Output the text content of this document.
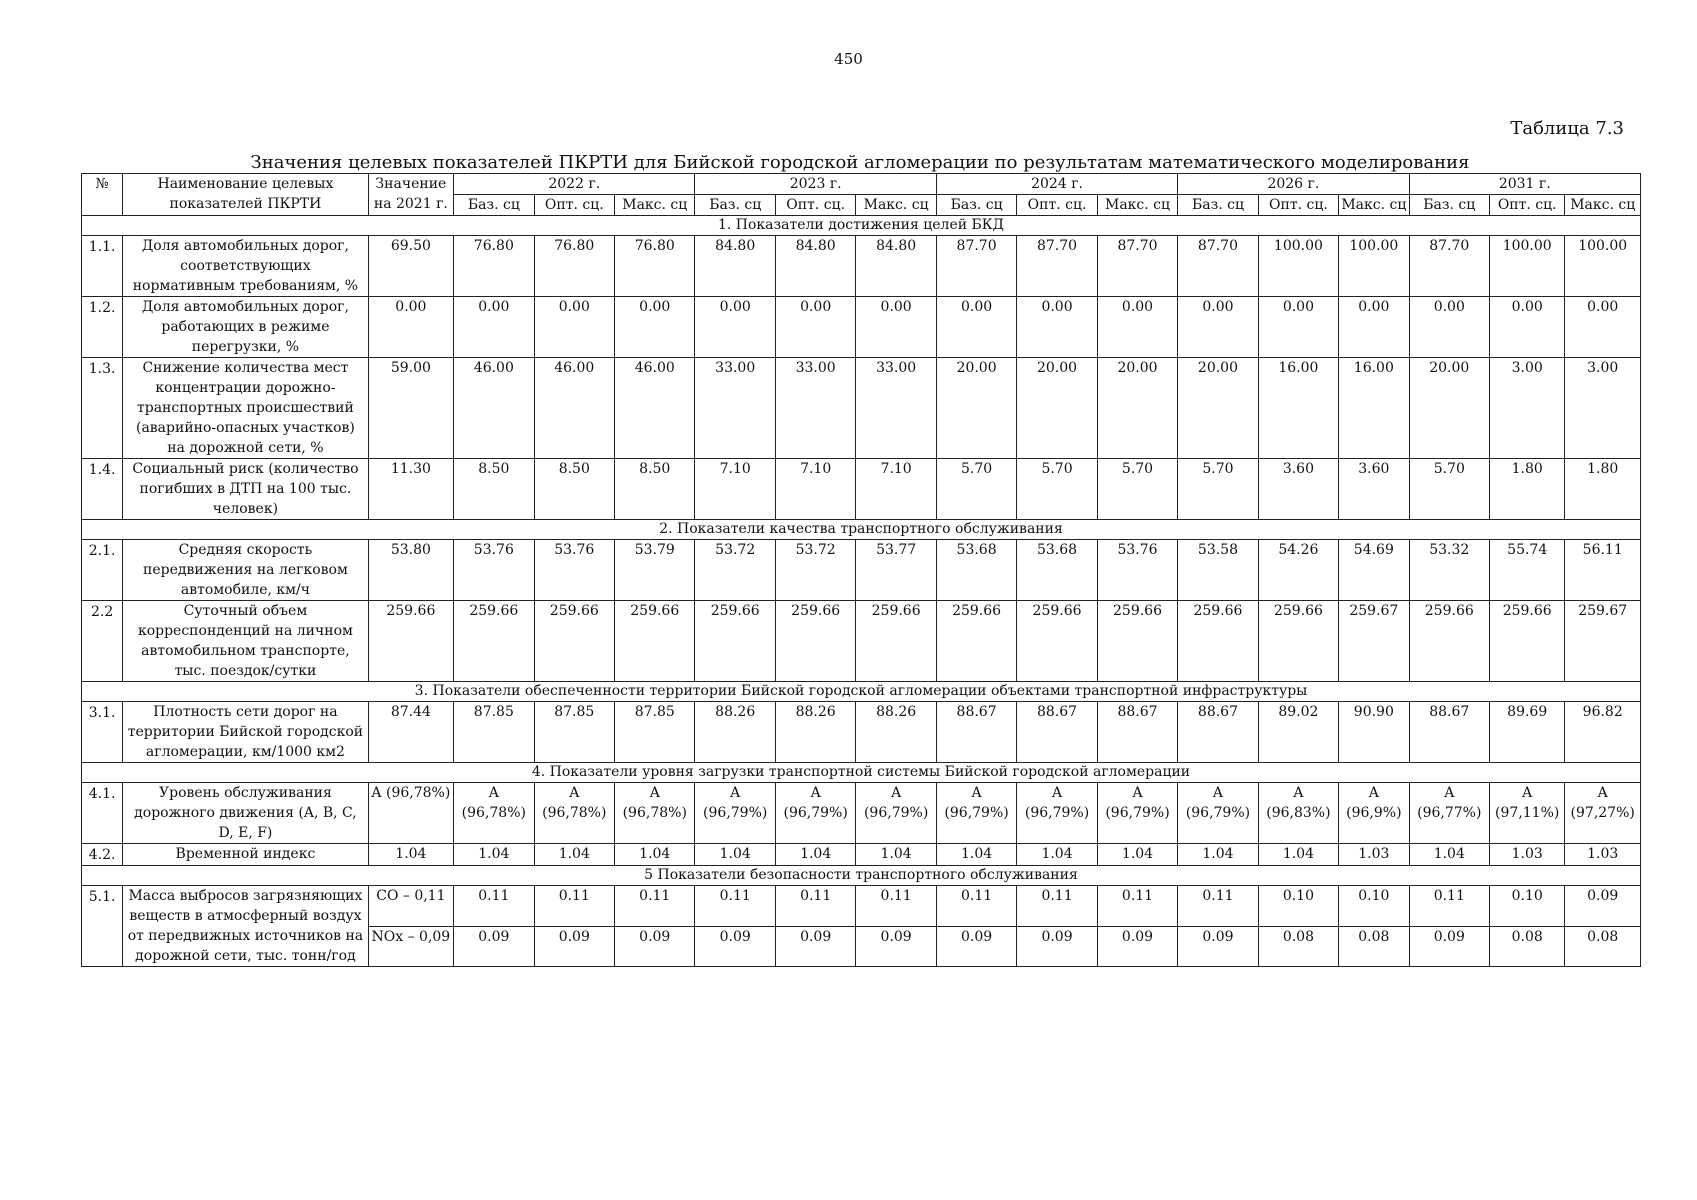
450
Таблица 7.3
Значения целевых показателей ПКРТИ для Бийской городской агломерации по результатам математического моделирования
№	Наименование целевых показателей ПКРТИ	Значение на 2021 г.	2022 г.			2023 г.			2024 г.			2026 г.			2031 г.		
			Баз. сц	Опт. сц.	Макс. сц	Баз. сц	Опт. сц.	Макс. сц	Баз. сц	Опт. сц.	Макс. сц	Баз. сц	Опт. сц.	Макс. сц	Баз. сц	Опт. сц.	Макс. сц
1. Показатели достижения целей БКД																	
1.1.	Доля автомобильных дорог, соответствующих нормативным требованиям, %	69.50	76.80	76.80	76.80	84.80	84.80	84.80	87.70	87.70	87.70	87.70	100.00	100.00	87.70	100.00	100.00
1.2.	Доля автомобильных дорог, работающих в режиме перегрузки, %	0.00	0.00	0.00	0.00	0.00	0.00	0.00	0.00	0.00	0.00	0.00	0.00	0.00	0.00	0.00	0.00
1.3.	Снижение количества мест концентрации дорожно-транспортных происшествий (аварийно-опасных участков) на дорожной сети, %	59.00	46.00	46.00	46.00	33.00	33.00	33.00	20.00	20.00	20.00	20.00	16.00	16.00	20.00	3.00	3.00
1.4.	Социальный риск (количество погибших в ДТП на 100 тыс. человек)	11.30	8.50	8.50	8.50	7.10	7.10	7.10	5.70	5.70	5.70	5.70	3.60	3.60	5.70	1.80	1.80
2. Показатели качества транспортного обслуживания																	
2.1.	Средняя скорость передвижения на легковом автомобиле, км/ч	53.80	53.76	53.76	53.79	53.72	53.72	53.77	53.68	53.68	53.76	53.58	54.26	54.69	53.32	55.74	56.11
2.2	Суточный объем корреспонденций на личном автомобильном транспорте, тыс. поездок/сутки	259.66	259.66	259.66	259.66	259.66	259.66	259.66	259.66	259.66	259.66	259.66	259.66	259.67	259.66	259.66	259.67
3. Показатели обеспеченности территории Бийской городской агломерации объектами транспортной инфраструктуры																	
3.1.	Плотность сети дорог на территории Бийской городской агломерации, км/1000 км2	87.44	87.85	87.85	87.85	88.26	88.26	88.26	88.67	88.67	88.67	88.67	89.02	90.90	88.67	89.69	96.82
4. Показатели уровня загрузки транспортной системы Бийской городской агломерации																	
4.1.	Уровень обслуживания дорожного движения (A, B, C, D, E, F)	A (96,78%)	A (96,78%)	A (96,78%)	A (96,78%)	A (96,79%)	A (96,79%)	A (96,79%)	A (96,79%)	A (96,79%)	A (96,79%)	A (96,79%)	A (96,83%)	A (96,9%)	A (96,77%)	A (97,11%)	A (97,27%)
4.2.	Временной индекс	1.04	1.04	1.04	1.04	1.04	1.04	1.04	1.04	1.04	1.04	1.04	1.04	1.03	1.04	1.03	1.03
5 Показатели безопасности транспортного обслуживания																	
5.1.	Масса выбросов загрязняющих веществ в атмосферный воздух от передвижных источников на дорожной сети, тыс. тонн/год	CO – 0,11	0.11	0.11	0.11	0.11	0.11	0.11	0.11	0.11	0.11	0.11	0.10	0.10	0.11	0.10	0.09
		NOx – 0,09	0.09	0.09	0.09	0.09	0.09	0.09	0.09	0.09	0.09	0.09	0.08	0.08	0.09	0.08	0.08
